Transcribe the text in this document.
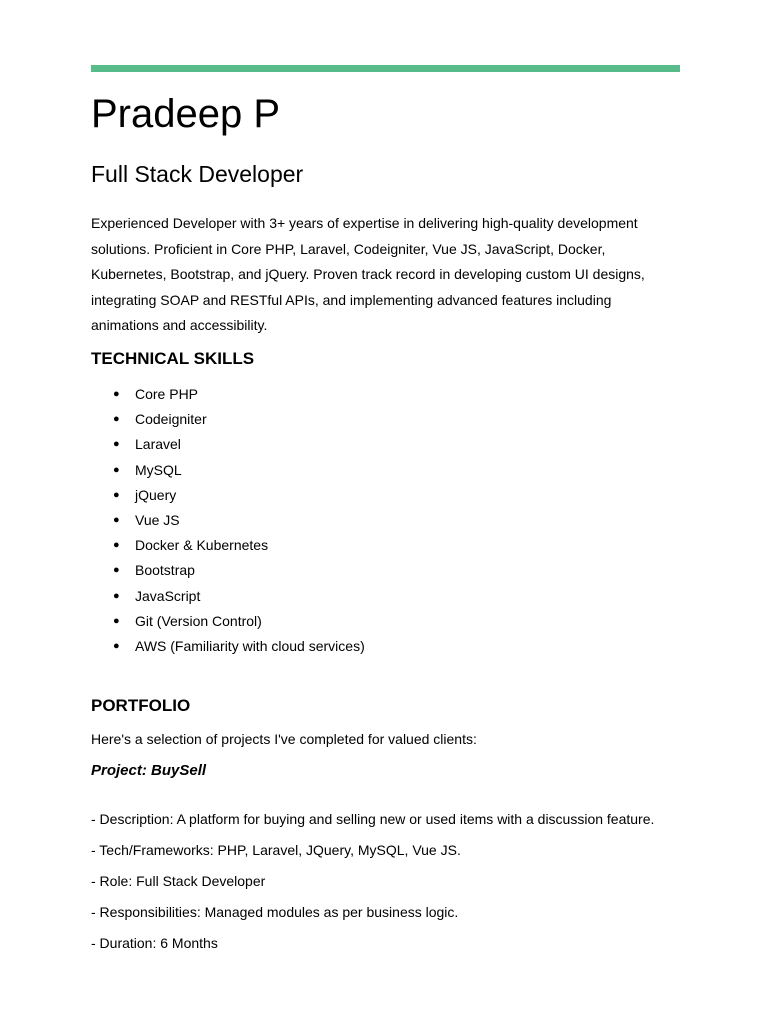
Pradeep P
Full Stack Developer

Experienced Developer with 3+ years of expertise in delivering high-quality development solutions. Proficient in Core PHP, Laravel, Codeigniter, Vue JS, JavaScript, Docker, Kubernetes, Bootstrap, and jQuery. Proven track record in developing custom UI designs, integrating SOAP and RESTful APIs, and implementing advanced features including animations and accessibility.

TECHNICAL SKILLS
● Core PHP
● Codeigniter
● Laravel
● MySQL
● jQuery
● Vue JS
● Docker & Kubernetes
● Bootstrap
● JavaScript
● Git (Version Control)
● AWS (Familiarity with cloud services)
PORTFOLIO

Here's a selection of projects I've completed for valued clients:

Project: BuySell

- Description: A platform for buying and selling new or used items with a discussion feature.

- Tech/Frameworks: PHP, Laravel, JQuery, MySQL, Vue JS.

- Role: Full Stack Developer

- Responsibilities: Managed modules as per business logic.

- Duration: 6 Months
